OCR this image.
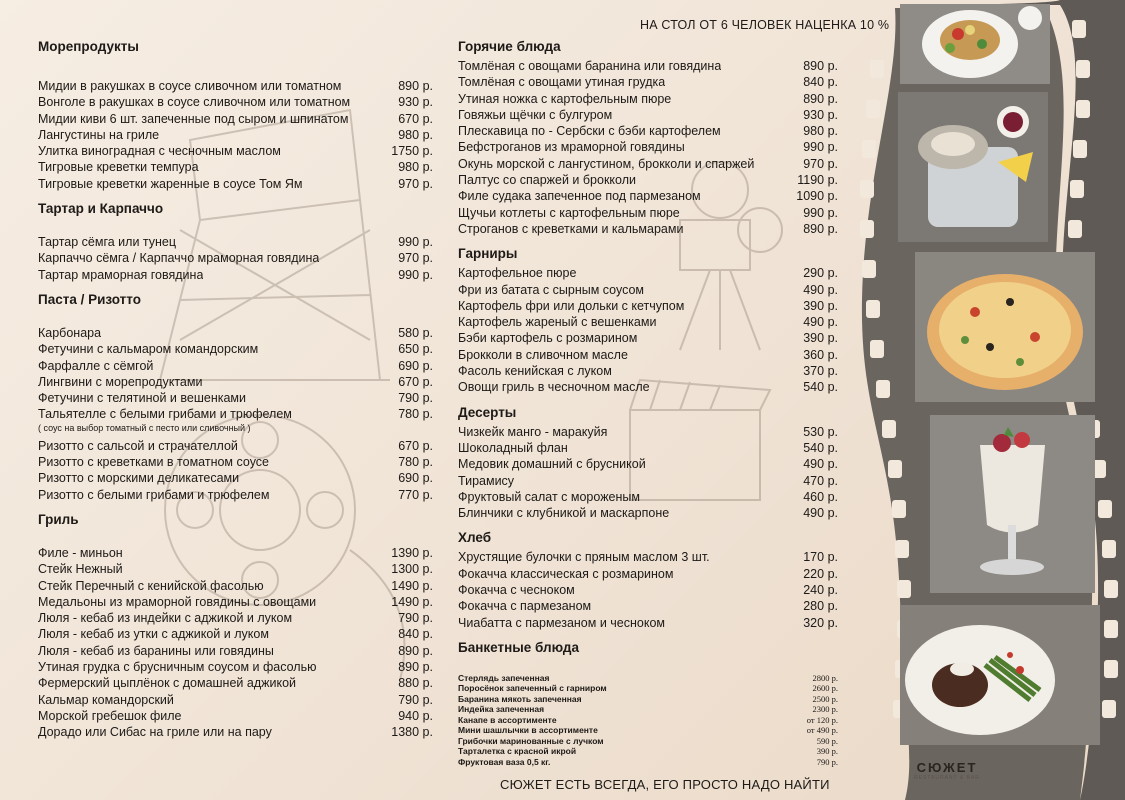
НА СТОЛ ОТ 6 ЧЕЛОВЕК НАЦЕНКА 10 %
Морепродукты
Мидии в ракушках в соусе сливочном или томатном	890 р.
Вонголе в ракушках в соусе сливочном или томатном	930 р.
Мидии киви 6 шт. запеченные под сыром и шпинатом	670 р.
Лангустины на гриле	980 р.
Улитка виноградная с чесночным маслом	1750 р.
Тигровые креветки темпура	980 р.
Тигровые креветки жаренные в соусе Том Ям	970 р.
Тартар и Карпаччо
Тартар сёмга или тунец	990 р.
Карпаччо сёмга / Карпаччо мраморная говядина	970 р.
Тартар мраморная говядина	990 р.
Паста / Ризотто
Карбонара	580 р.
Фетучини с кальмаром командорским	650 р.
Фарфалле с сёмгой	690 р.
Лингвини с морепродуктами	670 р.
Фетучини с телятиной и вешенками	790 р.
Тальятелле с белыми грибами и трюфелем	780 р.
( соус на выбор томатный с песто или сливочный )
Ризотто с сальсой и страчателлой	670 р.
Ризотто с креветками в томатном соусе	780 р.
Ризотто с морскими деликатесами	690 р.
Ризотто с белыми грибами и трюфелем	770 р.
Гриль
Филе - миньон	1390 р.
Стейк Нежный	1300 р.
Стейк Перечный с кенийской фасолью	1490 р.
Медальоны из мраморной говядины с овощами	1490 р.
Люля - кебаб из индейки с аджикой и луком	790 р.
Люля - кебаб из утки с аджикой и луком	840 р.
Люля - кебаб из баранины или говядины	890 р.
Утиная грудка с брусничным соусом и фасолью	890 р.
Фермерский цыплёнок с домашней аджикой	880 р.
Кальмар командорский	790 р.
Морской гребешок филе	940 р.
Дорадо или Сибас на гриле или на пару	1380 р.
Горячие блюда
Томлёная с овощами баранина или говядина	890 р.
Томлёная с овощами утиная грудка	840 р.
Утиная ножка с картофельным пюре	890 р.
Говяжьи щёчки с булгуром	930 р.
Плескавица по - Сербски с бэби картофелем	980 р.
Бефстроганов из мраморной говядины	990 р.
Окунь морской с лангустином, брокколи и спаржей	970 р.
Палтус со спаржей и брокколи	1190 р.
Филе судака запеченное под пармезаном	1090 р.
Щучьи котлеты с картофельным пюре	990 р.
Строганов с креветками и кальмарами	890 р.
Гарниры
Картофельное пюре	290 р.
Фри из батата с сырным соусом	490 р.
Картофель фри или дольки с кетчупом	390 р.
Картофель жареный с вешенками	490 р.
Бэби картофель с розмарином	390 р.
Брокколи в сливочном масле	360 р.
Фасоль кенийская с луком	370 р.
Овощи гриль в чесночном масле	540 р.
Десерты
Чизкейк манго - маракуйя	530 р.
Шоколадный флан	540 р.
Медовик домашний с брусникой	490 р.
Тирамису	470 р.
Фруктовый салат с мороженым	460 р.
Блинчики с клубникой и маскарпоне	490 р.
Хлеб
Хрустящие булочки с пряным маслом 3 шт.	170 р.
Фокачча классическая с розмарином	220 р.
Фокачча с чесноком	240 р.
Фокачча с пармезаном	280 р.
Чиабатта с пармезаном и чесноком	320 р.
Банкетные блюда
Стерлядь запеченная	2800 р.
Поросёнок запеченный с гарниром	2600 р.
Баранина мякоть запеченная	2500 р.
Индейка запеченная	2300 р.
Канапе в ассортименте	от 120 р.
Мини шашлычки в ассортименте	от 490 р.
Грибочки маринованные с лучком	590 р.
Тарталетка с красной икрой	390 р.
Фруктовая ваза 0,5 кг.	790 р.
СЮЖЕТ ЕСТЬ ВСЕГДА, ЕГО ПРОСТО НАДО НАЙТИ
СЮЖЕТ
RESTAURANT & BAR
